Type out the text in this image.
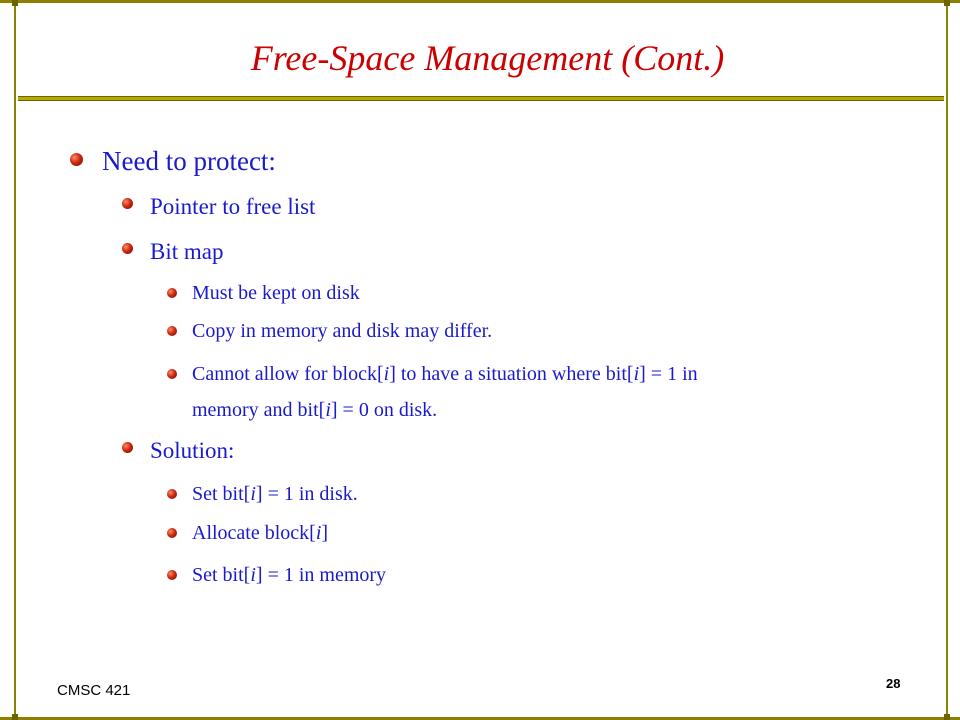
Free-Space Management (Cont.)
Need to protect:
Pointer to free list
Bit map
Must be kept on disk
Copy in memory and disk may differ.
Cannot allow for block[i] to have a situation where bit[i] = 1 in
memory and bit[i] = 0 on disk.
Solution:
Set bit[i] = 1 in disk.
Allocate block[i]
Set bit[i] = 1 in memory
CMSC 421	28
